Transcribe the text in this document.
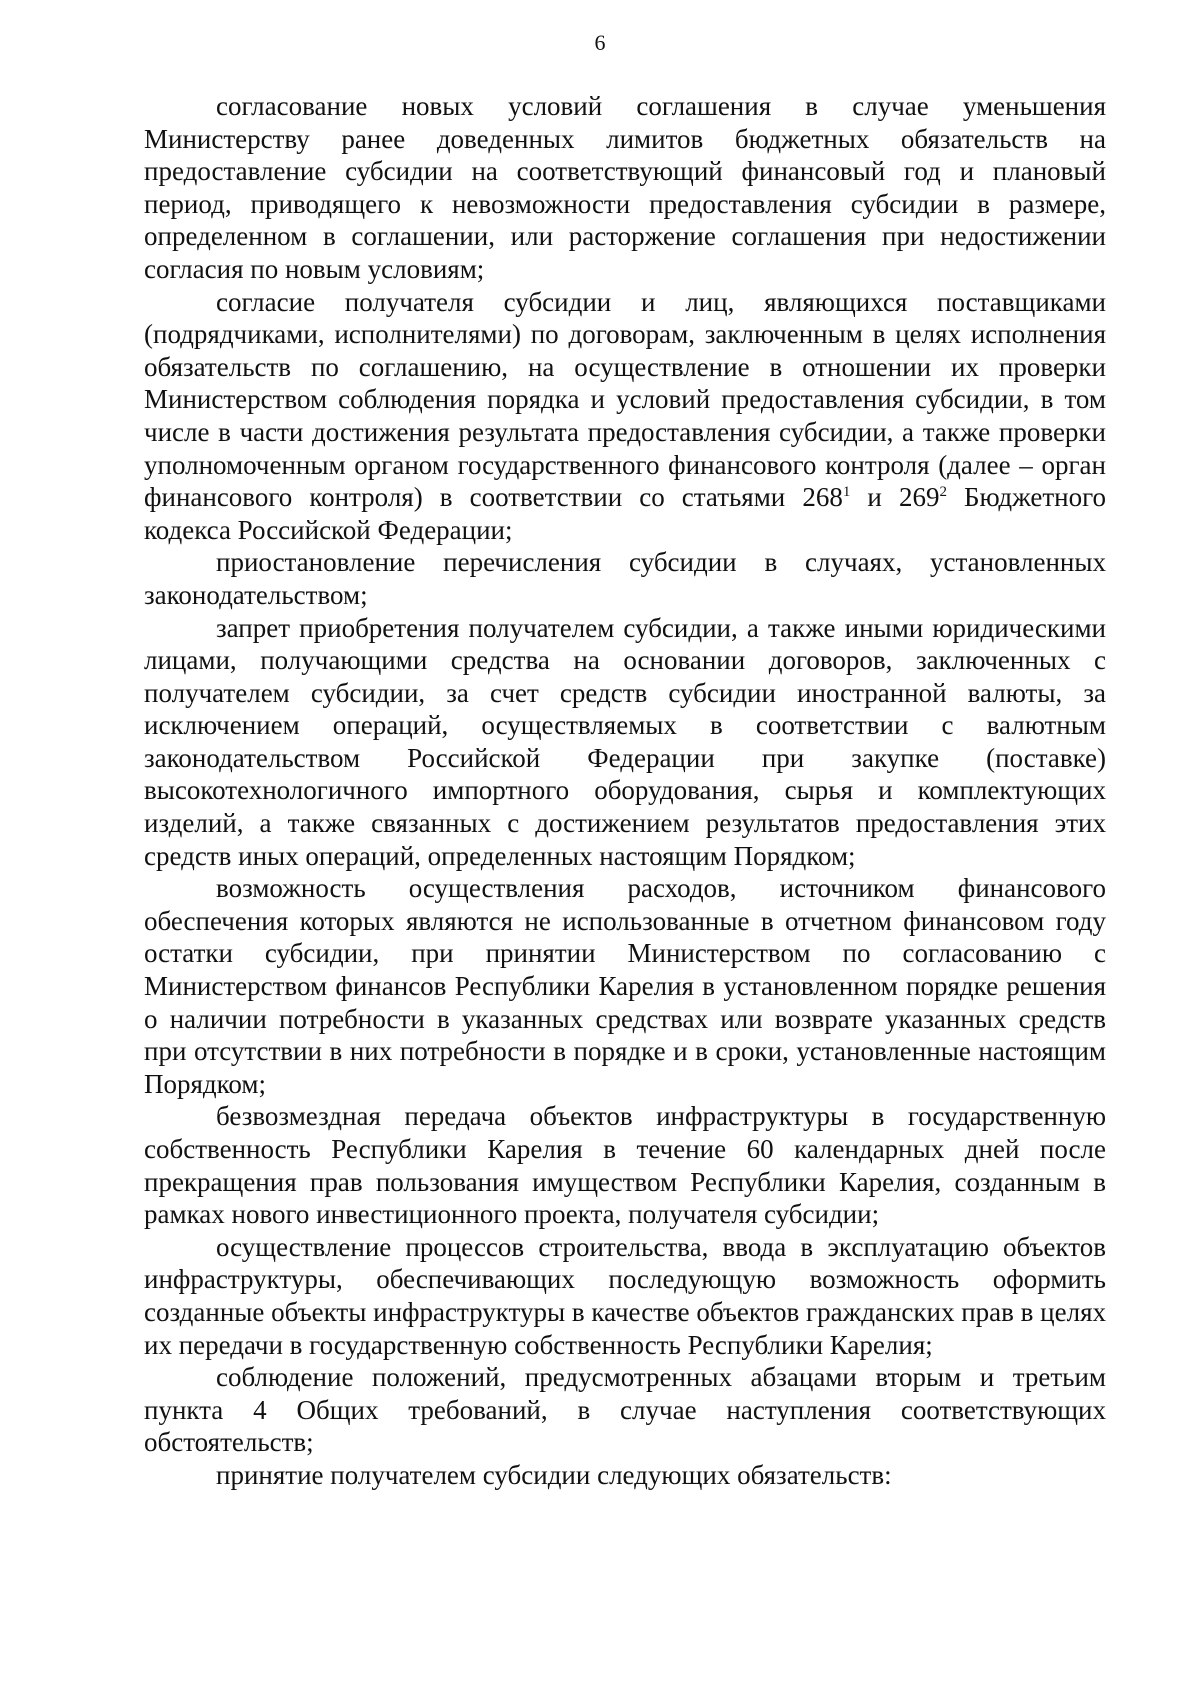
6

согласование новых условий соглашения в случае уменьшения Министерству ранее доведенных лимитов бюджетных обязательств на предоставление субсидии на соответствующий финансовый год и плановый период, приводящего к невозможности предоставления субсидии в размере, определенном в соглашении, или расторжение соглашения при недостижении согласия по новым условиям;

согласие получателя субсидии и лиц, являющихся поставщиками (подрядчиками, исполнителями) по договорам, заключенным в целях исполнения обязательств по соглашению, на осуществление в отношении их проверки Министерством соблюдения порядка и условий предоставления субсидии, в том числе в части достижения результата предоставления субсидии, а также проверки уполномоченным органом государственного финансового контроля (далее – орган финансового контроля) в соответствии со статьями $268^1$ и $269^2$ Бюджетного кодекса Российской Федерации;

приостановление перечисления субсидии в случаях, установленных законодательством;

запрет приобретения получателем субсидии, а также иными юридическими лицами, получающими средства на основании договоров, заключенных с получателем субсидии, за счет средств субсидии иностранной валюты, за исключением операций, осуществляемых в соответствии с валютным законодательством Российской Федерации при закупке (поставке) высокотехнологичного импортного оборудования, сырья и комплектующих изделий, а также связанных с достижением результатов предоставления этих средств иных операций, определенных настоящим Порядком;

возможность осуществления расходов, источником финансового обеспечения которых являются не использованные в отчетном финансовом году остатки субсидии, при принятии Министерством по согласованию с Министерством финансов Республики Карелия в установленном порядке решения о наличии потребности в указанных средствах или возврате указанных средств при отсутствии в них потребности в порядке и в сроки, установленные настоящим Порядком;

безвозмездная передача объектов инфраструктуры в государственную собственность Республики Карелия в течение 60 календарных дней после прекращения прав пользования имуществом Республики Карелия, созданным в рамках нового инвестиционного проекта, получателя субсидии;

осуществление процессов строительства, ввода в эксплуатацию объектов инфраструктуры, обеспечивающих последующую возможность оформить созданные объекты инфраструктуры в качестве объектов гражданских прав в целях их передачи в государственную собственность Республики Карелия;

соблюдение положений, предусмотренных абзацами вторым и третьим пункта 4 Общих требований, в случае наступления соответствующих обстоятельств;

принятие получателем субсидии следующих обязательств:
